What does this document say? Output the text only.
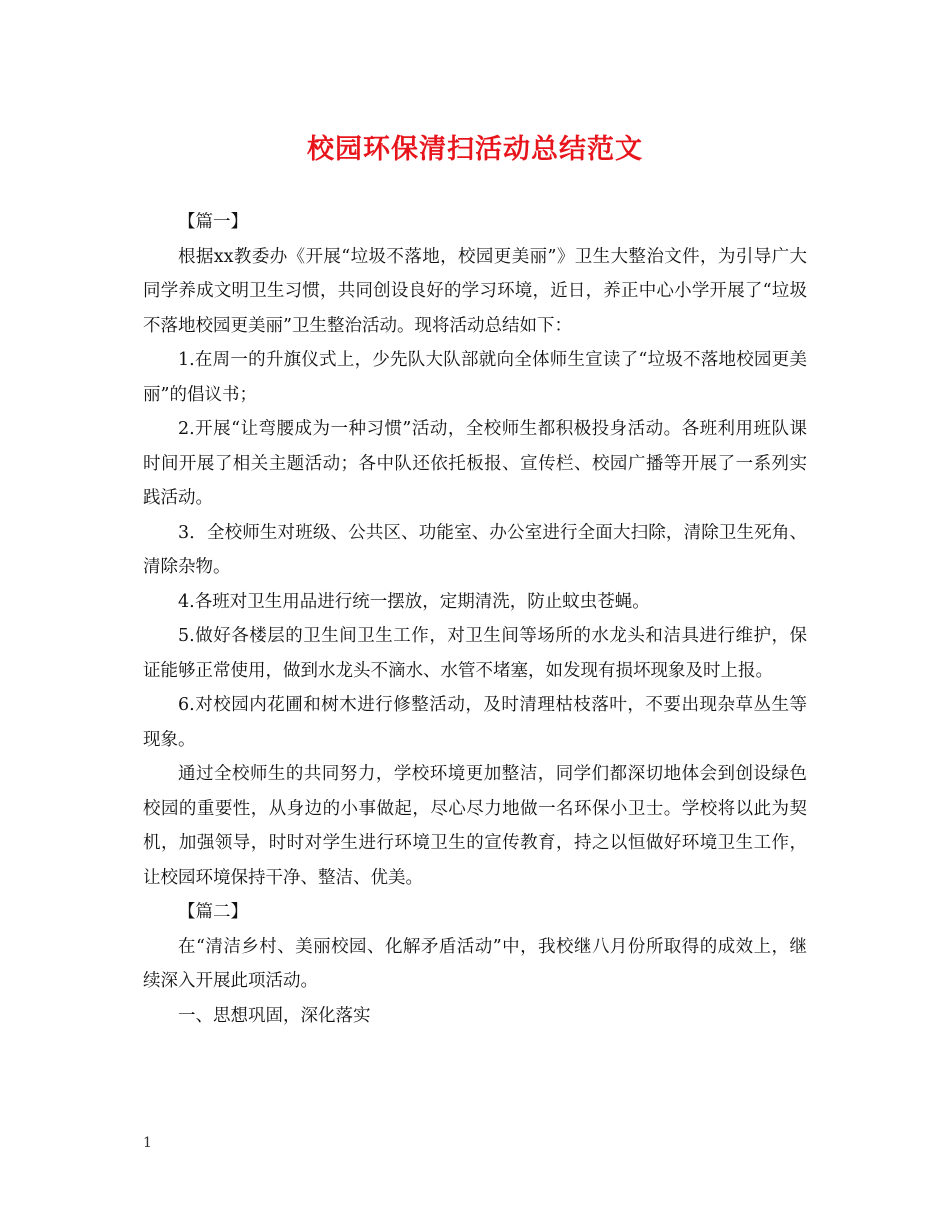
校园环保清扫活动总结范文

【篇一】

根据xx教委办《开展“垃圾不落地，校园更美丽”》卫生大整治文件，为引导广大同学养成文明卫生习惯，共同创设良好的学习环境，近日，养正中心小学开展了“垃圾不落地校园更美丽”卫生整治活动。现将活动总结如下：

1.在周一的升旗仪式上，少先队大队部就向全体师生宣读了“垃圾不落地校园更美丽”的倡议书；

2.开展“让弯腰成为一种习惯”活动，全校师生都积极投身活动。各班利用班队课时间开展了相关主题活动；各中队还依托板报、宣传栏、校园广播等开展了一系列实践活动。

3．全校师生对班级、公共区、功能室、办公室进行全面大扫除，清除卫生死角、清除杂物。

4.各班对卫生用品进行统一摆放，定期清洗，防止蚊虫苍蝇。

5.做好各楼层的卫生间卫生工作，对卫生间等场所的水龙头和洁具进行维护，保证能够正常使用，做到水龙头不滴水、水管不堵塞，如发现有损坏现象及时上报。

6.对校园内花圃和树木进行修整活动，及时清理枯枝落叶，不要出现杂草丛生等现象。

通过全校师生的共同努力，学校环境更加整洁，同学们都深切地体会到创设绿色校园的重要性，从身边的小事做起，尽心尽力地做一名环保小卫士。学校将以此为契机，加强领导，时时对学生进行环境卫生的宣传教育，持之以恒做好环境卫生工作，让校园环境保持干净、整洁、优美。

【篇二】

在“清洁乡村、美丽校园、化解矛盾活动”中，我校继八月份所取得的成效上，继续深入开展此项活动。

一、思想巩固，深化落实

1
